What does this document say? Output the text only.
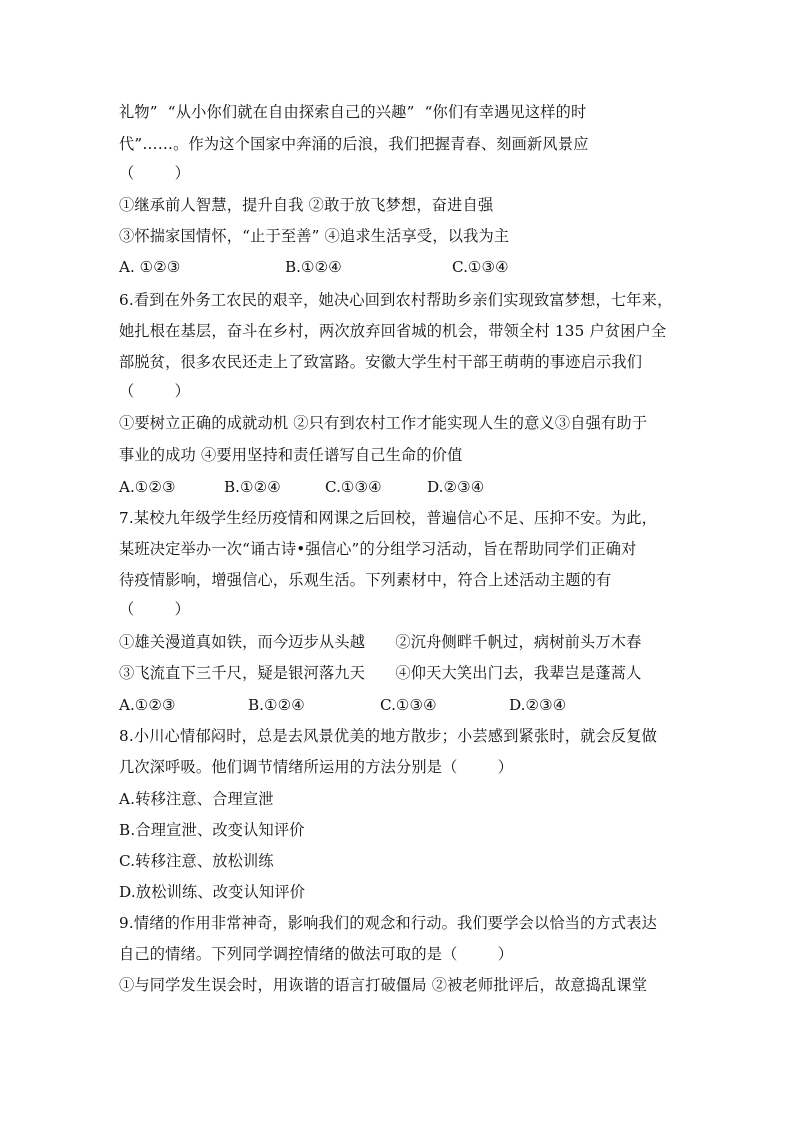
礼物”  “从小你们就在自由探索自己的兴趣”  “你们有幸遇见这样的时
代”……。作为这个国家中奔涌的后浪，我们把握青春、刻画新风景应
（        ）
①继承前人智慧，提升自我 ②敢于放飞梦想，奋进自强
③怀揣家国情怀，“止于至善” ④追求生活享受，以我为主
A. ①②③	B.①②④	C.①③④
6.看到在外务工农民的艰辛，她决心回到农村帮助乡亲们实现致富梦想，七年来，
她扎根在基层，奋斗在乡村，两次放弃回省城的机会，带领全村 135 户贫困户全
部脱贫，很多农民还走上了致富路。安徽大学生村干部王萌萌的事迹启示我们
（        ）
①要树立正确的成就动机 ②只有到农村工作才能实现人生的意义③自强有助于
事业的成功 ④要用坚持和责任谱写自己生命的价值
A.①②③	B.①②④	C.①③④	D.②③④
7.某校九年级学生经历疫情和网课之后回校，普遍信心不足、压抑不安。为此，
某班决定举办一次“诵古诗•强信心”的分组学习活动，旨在帮助同学们正确对
待疫情影响，增强信心，乐观生活。下列素材中，符合上述活动主题的有
（        ）
①雄关漫道真如铁，而今迈步从头越      ②沉舟侧畔千帆过，病树前头万木春
③飞流直下三千尺，疑是银河落九天      ④仰天大笑出门去，我辈岂是蓬蒿人
A.①②③	B.①②④	C.①③④	D.②③④
8.小川心情郁闷时，总是去风景优美的地方散步；小芸感到紧张时，就会反复做
几次深呼吸。他们调节情绪所运用的方法分别是（        ）
A.转移注意、合理宣泄
B.合理宣泄、改变认知评价
C.转移注意、放松训练
D.放松训练、改变认知评价
9.情绪的作用非常神奇，影响我们的观念和行动。我们要学会以恰当的方式表达
自己的情绪。下列同学调控情绪的做法可取的是（        ）
①与同学发生误会时，用诙谐的语言打破僵局 ②被老师批评后，故意捣乱课堂
